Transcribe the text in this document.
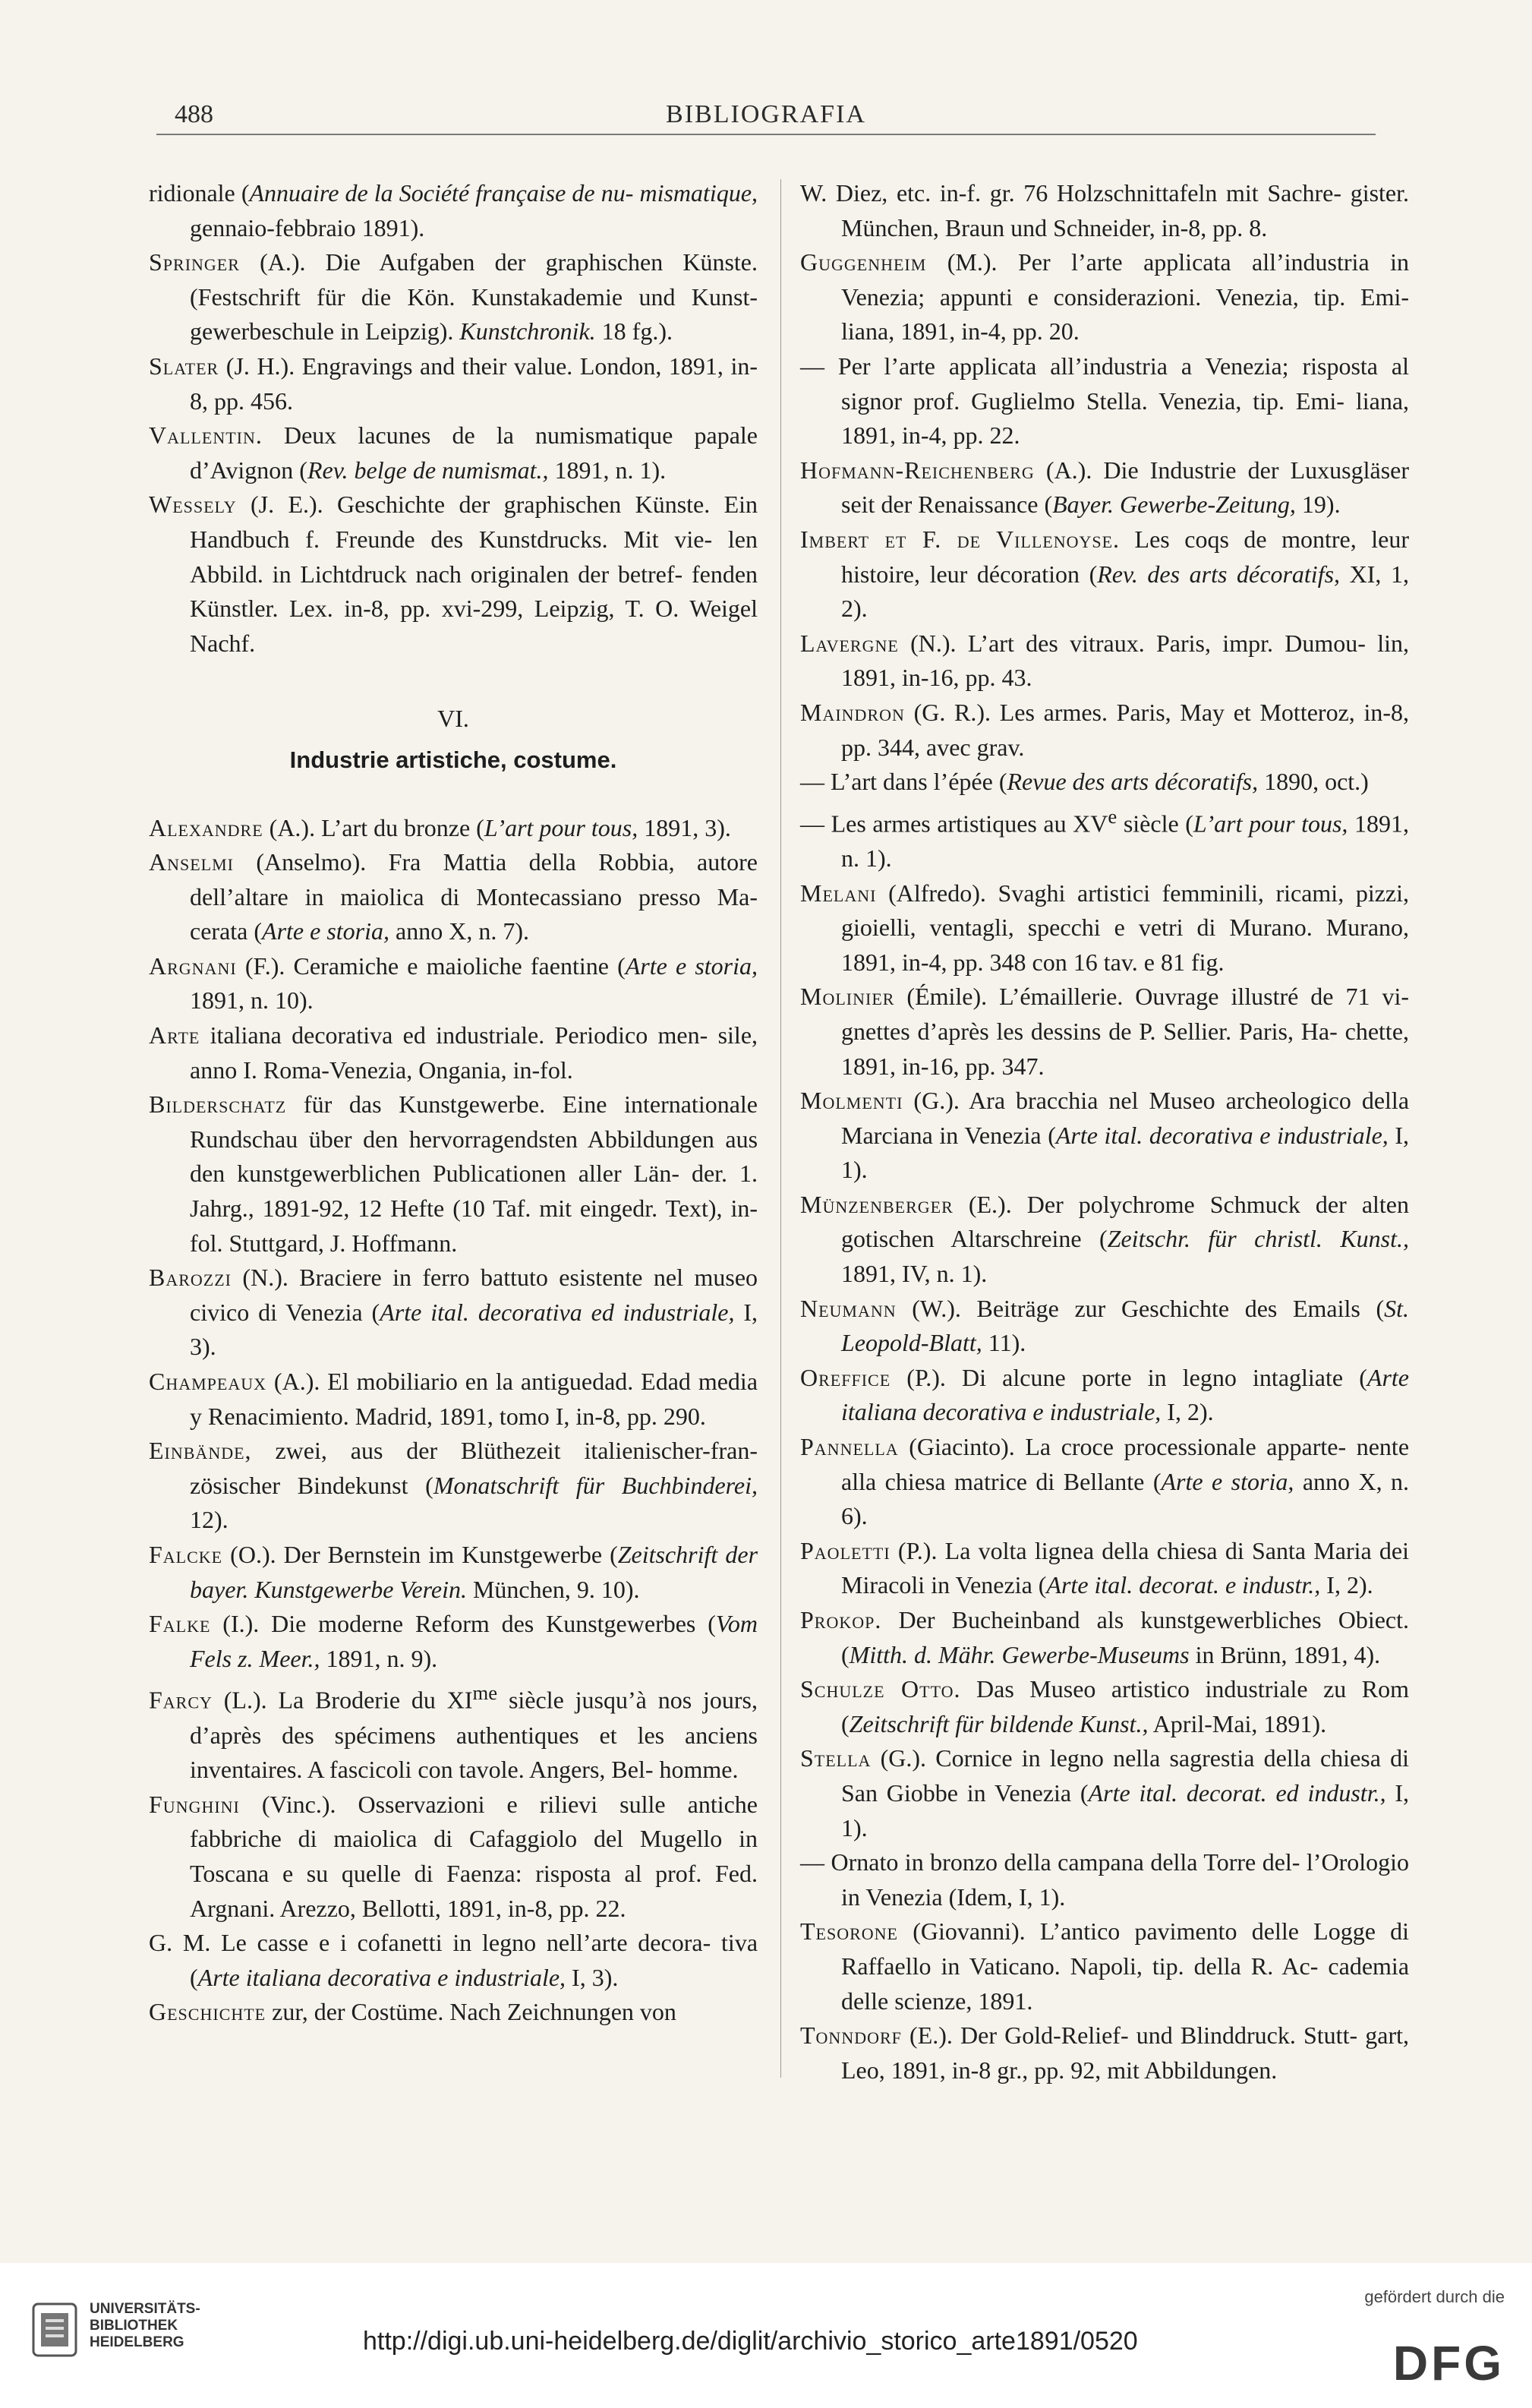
488	BIBLIOGRAFIA

ridionale (Annuaire de la Société française de nu- mismatique, gennaio-febbraio 1891).

Springer (A.). Die Aufgaben der graphischen Künste. (Festschrift für die Kön. Kunstakademie und Kunst- gewerbeschule in Leipzig). Kunstchronik. 18 fg.).

Slater (J. H.). Engravings and their value. London, 1891, in-8, pp. 456.

Vallentin. Deux lacunes de la numismatique papale d’Avignon (Rev. belge de numismat., 1891, n. 1).

Wessely (J. E.). Geschichte der graphischen Künste. Ein Handbuch f. Freunde des Kunstdrucks. Mit vie- len Abbild. in Lichtdruck nach originalen der betref- fenden Künstler. Lex. in-8, pp. xvi-299, Leipzig, T. O. Weigel Nachf.

VI.
Industrie artistiche, costume.

Alexandre (A.). L’art du bronze (L’art pour tous, 1891, 3).

Anselmi (Anselmo). Fra Mattia della Robbia, autore dell’altare in maiolica di Montecassiano presso Ma- cerata (Arte e storia, anno X, n. 7).

Argnani (F.). Ceramiche e maioliche faentine (Arte e storia, 1891, n. 10).

Arte italiana decorativa ed industriale. Periodico men- sile, anno I. Roma-Venezia, Ongania, in-fol.

Bilderschatz für das Kunstgewerbe. Eine internationale Rundschau über den hervorragendsten Abbildungen aus den kunstgewerblichen Publicationen aller Län- der. 1. Jahrg., 1891-92, 12 Hefte (10 Taf. mit eingedr. Text), in-fol. Stuttgard, J. Hoffmann.

Barozzi (N.). Braciere in ferro battuto esistente nel museo civico di Venezia (Arte ital. decorativa ed industriale, I, 3).

Champeaux (A.). El mobiliario en la antiguedad. Edad media y Renacimiento. Madrid, 1891, tomo I, in-8, pp. 290.

Einbände, zwei, aus der Blüthezeit italienischer-fran- zösischer Bindekunst (Monatschrift für Buchbinderei, 12).

Falcke (O.). Der Bernstein im Kunstgewerbe (Zeitschrift der bayer. Kunstgewerbe Verein. München, 9. 10).

Falke (I.). Die moderne Reform des Kunstgewerbes (Vom Fels z. Meer., 1891, n. 9).

Farcy (L.). La Broderie du $XI^{me}$ siècle jusqu’à nos jours, d’après des spécimens authentiques et les anciens inventaires. A fascicoli con tavole. Angers, Bel- homme.

Funghini (Vinc.). Osservazioni e rilievi sulle antiche fabbriche di maiolica di Cafaggiolo del Mugello in Toscana e su quelle di Faenza: risposta al prof. Fed. Argnani. Arezzo, Bellotti, 1891, in-8, pp. 22.

G. M. Le casse e i cofanetti in legno nell’arte decora- tiva (Arte italiana decorativa e industriale, I, 3).

Geschichte zur, der Costüme. Nach Zeichnungen von

W. Diez, etc. in-f. gr. 76 Holzschnittafeln mit Sachre- gister. München, Braun und Schneider, in-8, pp. 8.

Guggenheim (M.). Per l’arte applicata all’industria in Venezia; appunti e considerazioni. Venezia, tip. Emi- liana, 1891, in-4, pp. 20.

— Per l’arte applicata all’industria a Venezia; risposta al signor prof. Guglielmo Stella. Venezia, tip. Emi- liana, 1891, in-4, pp. 22.

Hofmann-Reichenberg (A.). Die Industrie der Luxusgläser seit der Renaissance (Bayer. Gewerbe-Zeitung, 19).

Imbert et F. de Villenoyse. Les coqs de montre, leur histoire, leur décoration (Rev. des arts décoratifs, XI, 1, 2).

Lavergne (N.). L’art des vitraux. Paris, impr. Dumou- lin, 1891, in-16, pp. 43.

Maindron (G. R.). Les armes. Paris, May et Motteroz, in-8, pp. 344, avec grav.

— L’art dans l’épée (Revue des arts décoratifs, 1890, oct.)

— Les armes artistiques au XVe siècle (L’art pour tous, 1891, n. 1).

Melani (Alfredo). Svaghi artistici femminili, ricami, pizzi, gioielli, ventagli, specchi e vetri di Murano. Murano, 1891, in-4, pp. 348 con 16 tav. e 81 fig.

Molinier (Émile). L’émaillerie. Ouvrage illustré de 71 vi- gnettes d’après les dessins de P. Sellier. Paris, Ha- chette, 1891, in-16, pp. 347.

Molmenti (G.). Ara bracchia nel Museo archeologico della Marciana in Venezia (Arte ital. decorativa e industriale, I, 1).

Münzenberger (E.). Der polychrome Schmuck der alten gotischen Altarschreine (Zeitschr. für christl. Kunst., 1891, IV, n. 1).

Neumann (W.). Beiträge zur Geschichte des Emails (St. Leopold-Blatt, 11).

Oreffice (P.). Di alcune porte in legno intagliate (Arte italiana decorativa e industriale, I, 2).

Pannella (Giacinto). La croce processionale apparte- nente alla chiesa matrice di Bellante (Arte e storia, anno X, n. 6).

Paoletti (P.). La volta lignea della chiesa di Santa Maria dei Miracoli in Venezia (Arte ital. decorat. e industr., I, 2).

Prokop. Der Bucheinband als kunstgewerbliches Obiect. (Mitth. d. Mähr. Gewerbe-Museums in Brünn, 1891, 4).

Schulze Otto. Das Museo artistico industriale zu Rom (Zeitschrift für bildende Kunst., April-Mai, 1891).

Stella (G.). Cornice in legno nella sagrestia della chiesa di San Giobbe in Venezia (Arte ital. decorat. ed industr., I, 1).

— Ornato in bronzo della campana della Torre del- l’Orologio in Venezia (Idem, I, 1).

Tesorone (Giovanni). L’antico pavimento delle Logge di Raffaello in Vaticano. Napoli, tip. della R. Ac- cademia delle scienze, 1891.

Tonndorf (E.). Der Gold-Relief- und Blinddruck. Stutt- gart, Leo, 1891, in-8 gr., pp. 92, mit Abbildungen.

UNIVERSITÄTS-
BIBLIOTHEK
HEIDELBERG	http://digi.ub.uni-heidelberg.de/diglit/archivio_storico_arte1891/0520
gefördert durch die
DFG
